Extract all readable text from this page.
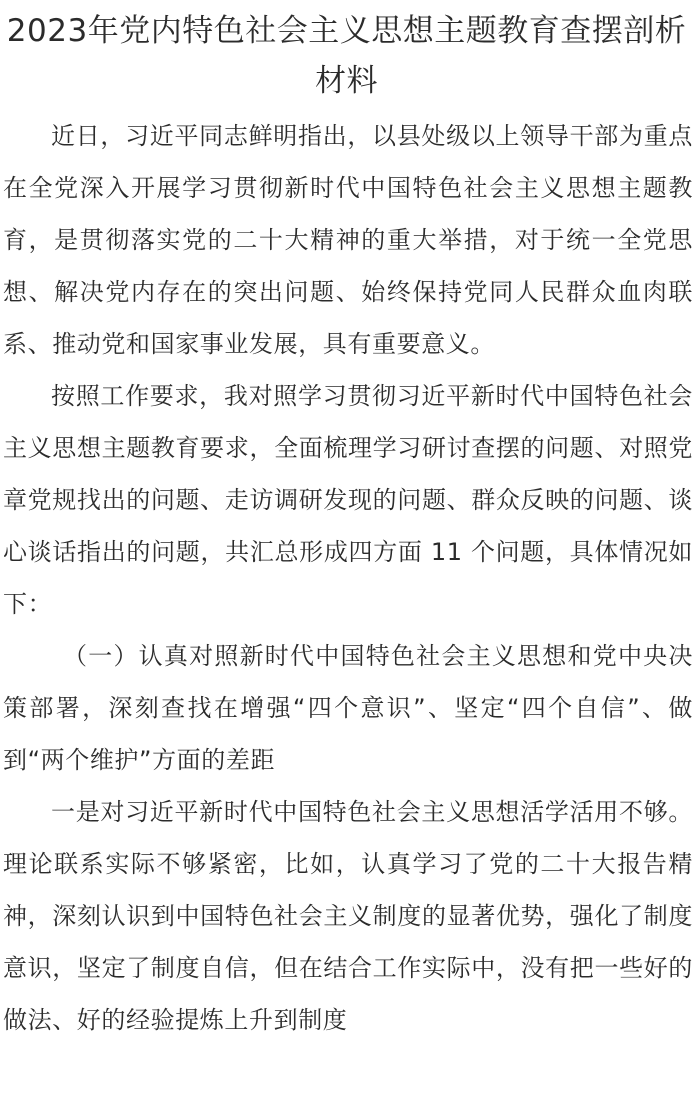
2023年党内特色社会主义思想主题教育查摆剖析材料

近日，习近平同志鲜明指出，以县处级以上领导干部为重点在全党深入开展学习贯彻新时代中国特色社会主义思想主题教育，是贯彻落实党的二十大精神的重大举措，对于统一全党思想、解决党内存在的突出问题、始终保持党同人民群众血肉联系、推动党和国家事业发展，具有重要意义。

按照工作要求，我对照学习贯彻习近平新时代中国特色社会主义思想主题教育要求，全面梳理学习研讨查摆的问题、对照党章党规找出的问题、走访调研发现的问题、群众反映的问题、谈心谈话指出的问题，共汇总形成四方面 11 个问题，具体情况如下：

（一）认真对照新时代中国特色社会主义思想和党中央决策部署，深刻查找在增强“四个意识”、坚定“四个自信”、做到“两个维护”方面的差距

一是对习近平新时代中国特色社会主义思想活学活用不够。理论联系实际不够紧密，比如，认真学习了党的二十大报告精神，深刻认识到中国特色社会主义制度的显著优势，强化了制度意识，坚定了制度自信，但在结合工作实际中，没有把一些好的做法、好的经验提炼上升到制度
